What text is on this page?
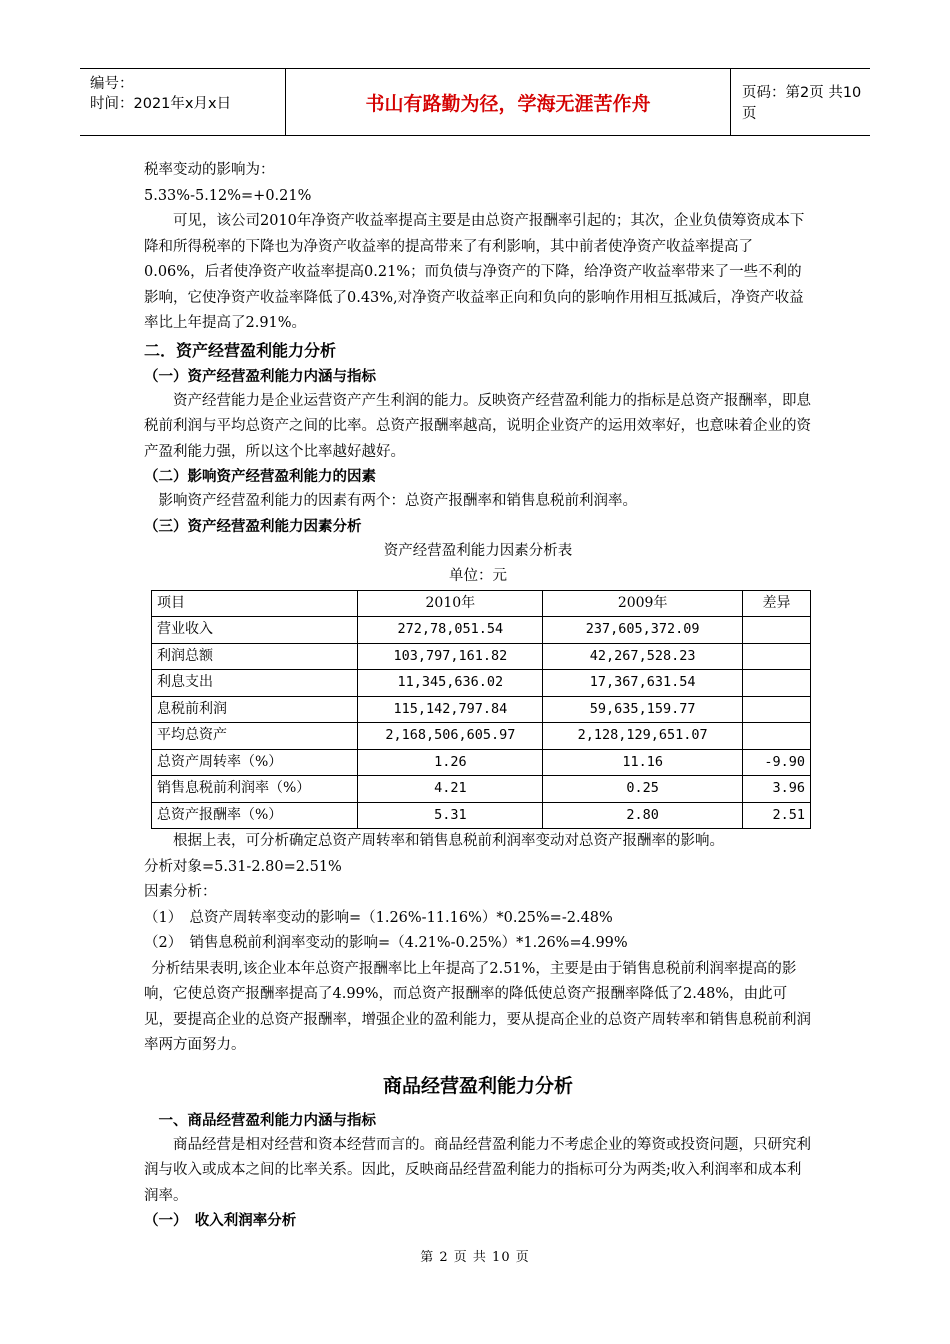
编号：
时间：2021年x月x日	书山有路勤为径，学海无涯苦作舟	页码：第2页 共10页

税率变动的影响为：

5.33%-5.12%=+0.21%

可见，该公司2010年净资产收益率提高主要是由总资产报酬率引起的；其次，企业负债筹资成本下降和所得税率的下降也为净资产收益率的提高带来了有利影响，其中前者使净资产收益率提高了0.06%，后者使净资产收益率提高0.21%；而负债与净资产的下降，给净资产收益率带来了一些不利的影响，它使净资产收益率降低了0.43%,对净资产收益率正向和负向的影响作用相互抵减后，净资产收益率比上年提高了2.91%。

二．资产经营盈利能力分析

（一）资产经营盈利能力内涵与指标

资产经营能力是企业运营资产产生利润的能力。反映资产经营盈利能力的指标是总资产报酬率，即息税前利润与平均总资产之间的比率。总资产报酬率越高，说明企业资产的运用效率好，也意味着企业的资产盈利能力强，所以这个比率越好越好。

（二）影响资产经营盈利能力的因素

影响资产经营盈利能力的因素有两个：总资产报酬率和销售息税前利润率。

（三）资产经营盈利能力因素分析

资产经营盈利能力因素分析表

单位：元

项目	2010年	2009年	差异
营业收入	272,78,051.54	237,605,372.09	
利润总额	103,797,161.82	42,267,528.23	
利息支出	11,345,636.02	17,367,631.54	
息税前利润	115,142,797.84	59,635,159.77	
平均总资产	2,168,506,605.97	2,128,129,651.07	
总资产周转率（%）	1.26	11.16	-9.90
销售息税前利润率（%）	4.21	0.25	3.96
总资产报酬率（%）	5.31	2.80	2.51

根据上表，可分析确定总资产周转率和销售息税前利润率变动对总资产报酬率的影响。

分析对象=5.31-2.80=2.51%

因素分析：

（1）　总资产周转率变动的影响=（1.26%-11.16%）*0.25%=-2.48%

（2）　销售息税前利润率变动的影响=（4.21%-0.25%）*1.26%=4.99%

分析结果表明,该企业本年总资产报酬率比上年提高了2.51%，主要是由于销售息税前利润率提高的影响，它使总资产报酬率提高了4.99%，而总资产报酬率的降低使总资产报酬率降低了2.48%，由此可见，要提高企业的总资产报酬率，增强企业的盈利能力，要从提高企业的总资产周转率和销售息税前利润率两方面努力。

商品经营盈利能力分析

一、商品经营盈利能力内涵与指标

商品经营是相对经营和资本经营而言的。商品经营盈利能力不考虑企业的筹资或投资问题，只研究利润与收入或成本之间的比率关系。因此，反映商品经营盈利能力的指标可分为两类;收入利润率和成本利润率。

（一）　收入利润率分析

第 2 页 共 10 页
